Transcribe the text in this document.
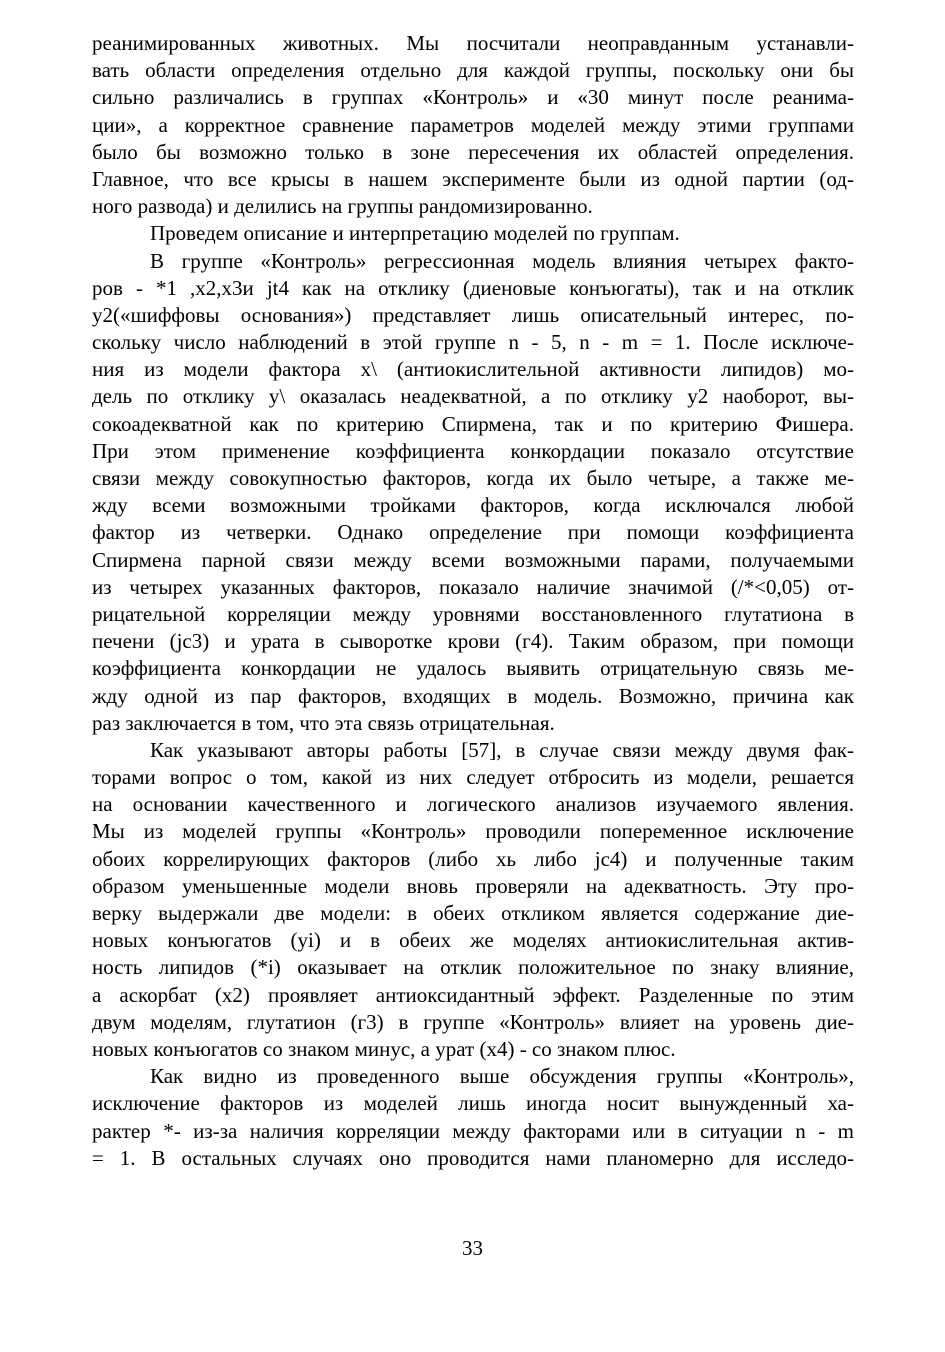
реанимированных животных. Мы посчитали неоправданным устанавли-
вать области определения отдельно для каждой группы, поскольку они бы
сильно различались в группах «Контроль» и «30 минут после реанима-
ции», а корректное сравнение параметров моделей между этими группами
было бы возможно только в зоне пересечения их областей определения.
Главное, что все крысы в нашем эксперименте были из одной партии (од-
ного развода) и делились на группы рандомизированно.
Проведем описание и интерпретацию моделей по группам.
В группе «Контроль» регрессионная модель влияния четырех факто-
ров - *1 ,x2,x3и jt4 как на отклику (диеновые конъюгаты), так и на отклик
y2(«шиффовы основания») представляет лишь описательный интерес, по-
скольку число наблюдений в этой группе n - 5, n - m = 1. После исключе-
ния из модели фактора x\ (антиокислительной активности липидов) мо-
дель по отклику y\ оказалась неадекватной, а по отклику y2 наоборот, вы-
сокоадекватной как по критерию Спирмена, так и по критерию Фишера.
При этом применение коэффициента конкордации показало отсутствие
связи между совокупностью факторов, когда их было четыре, а также ме-
жду всеми возможными тройками факторов, когда исключался любой
фактор из четверки. Однако определение при помощи коэффициента
Спирмена парной связи между всеми возможными парами, получаемыми
из четырех указанных факторов, показало наличие значимой (/*<0,05) от-
рицательной корреляции между уровнями восстановленного глутатиона в
печени (jc3) и урата в сыворотке крови (г4). Таким образом, при помощи
коэффициента конкордации не удалось выявить отрицательную связь ме-
жду одной из пар факторов, входящих в модель. Возможно, причина как
раз заключается в том, что эта связь отрицательная.
Как указывают авторы работы [57], в случае связи между двумя фак-
торами вопрос о том, какой из них следует отбросить из модели, решается
на основании качественного и логического анализов изучаемого явления.
Мы из моделей группы «Контроль» проводили попеременное исключение
обоих коррелирующих факторов (либо xь либо jc4) и полученные таким
образом уменьшенные модели вновь проверяли на адекватность. Эту про-
верку выдержали две модели: в обеих откликом является содержание дие-
новых конъюгатов (yi) и в обеих же моделях антиокислительная актив-
ность липидов (*i) оказывает на отклик положительное по знаку влияние,
а аскорбат (x2) проявляет антиоксидантный эффект. Разделенные по этим
двум моделям, глутатион (г3) в группе «Контроль» влияет на уровень дие-
новых конъюгатов со знаком минус, а урат (x4) - со знаком плюс.
Как видно из проведенного выше обсуждения группы «Контроль»,
исключение факторов из моделей лишь иногда носит вынужденный ха-
рактер *- из-за наличия корреляции между факторами или в ситуации n - m
= 1. В остальных случаях оно проводится нами планомерно для исследо-
33
